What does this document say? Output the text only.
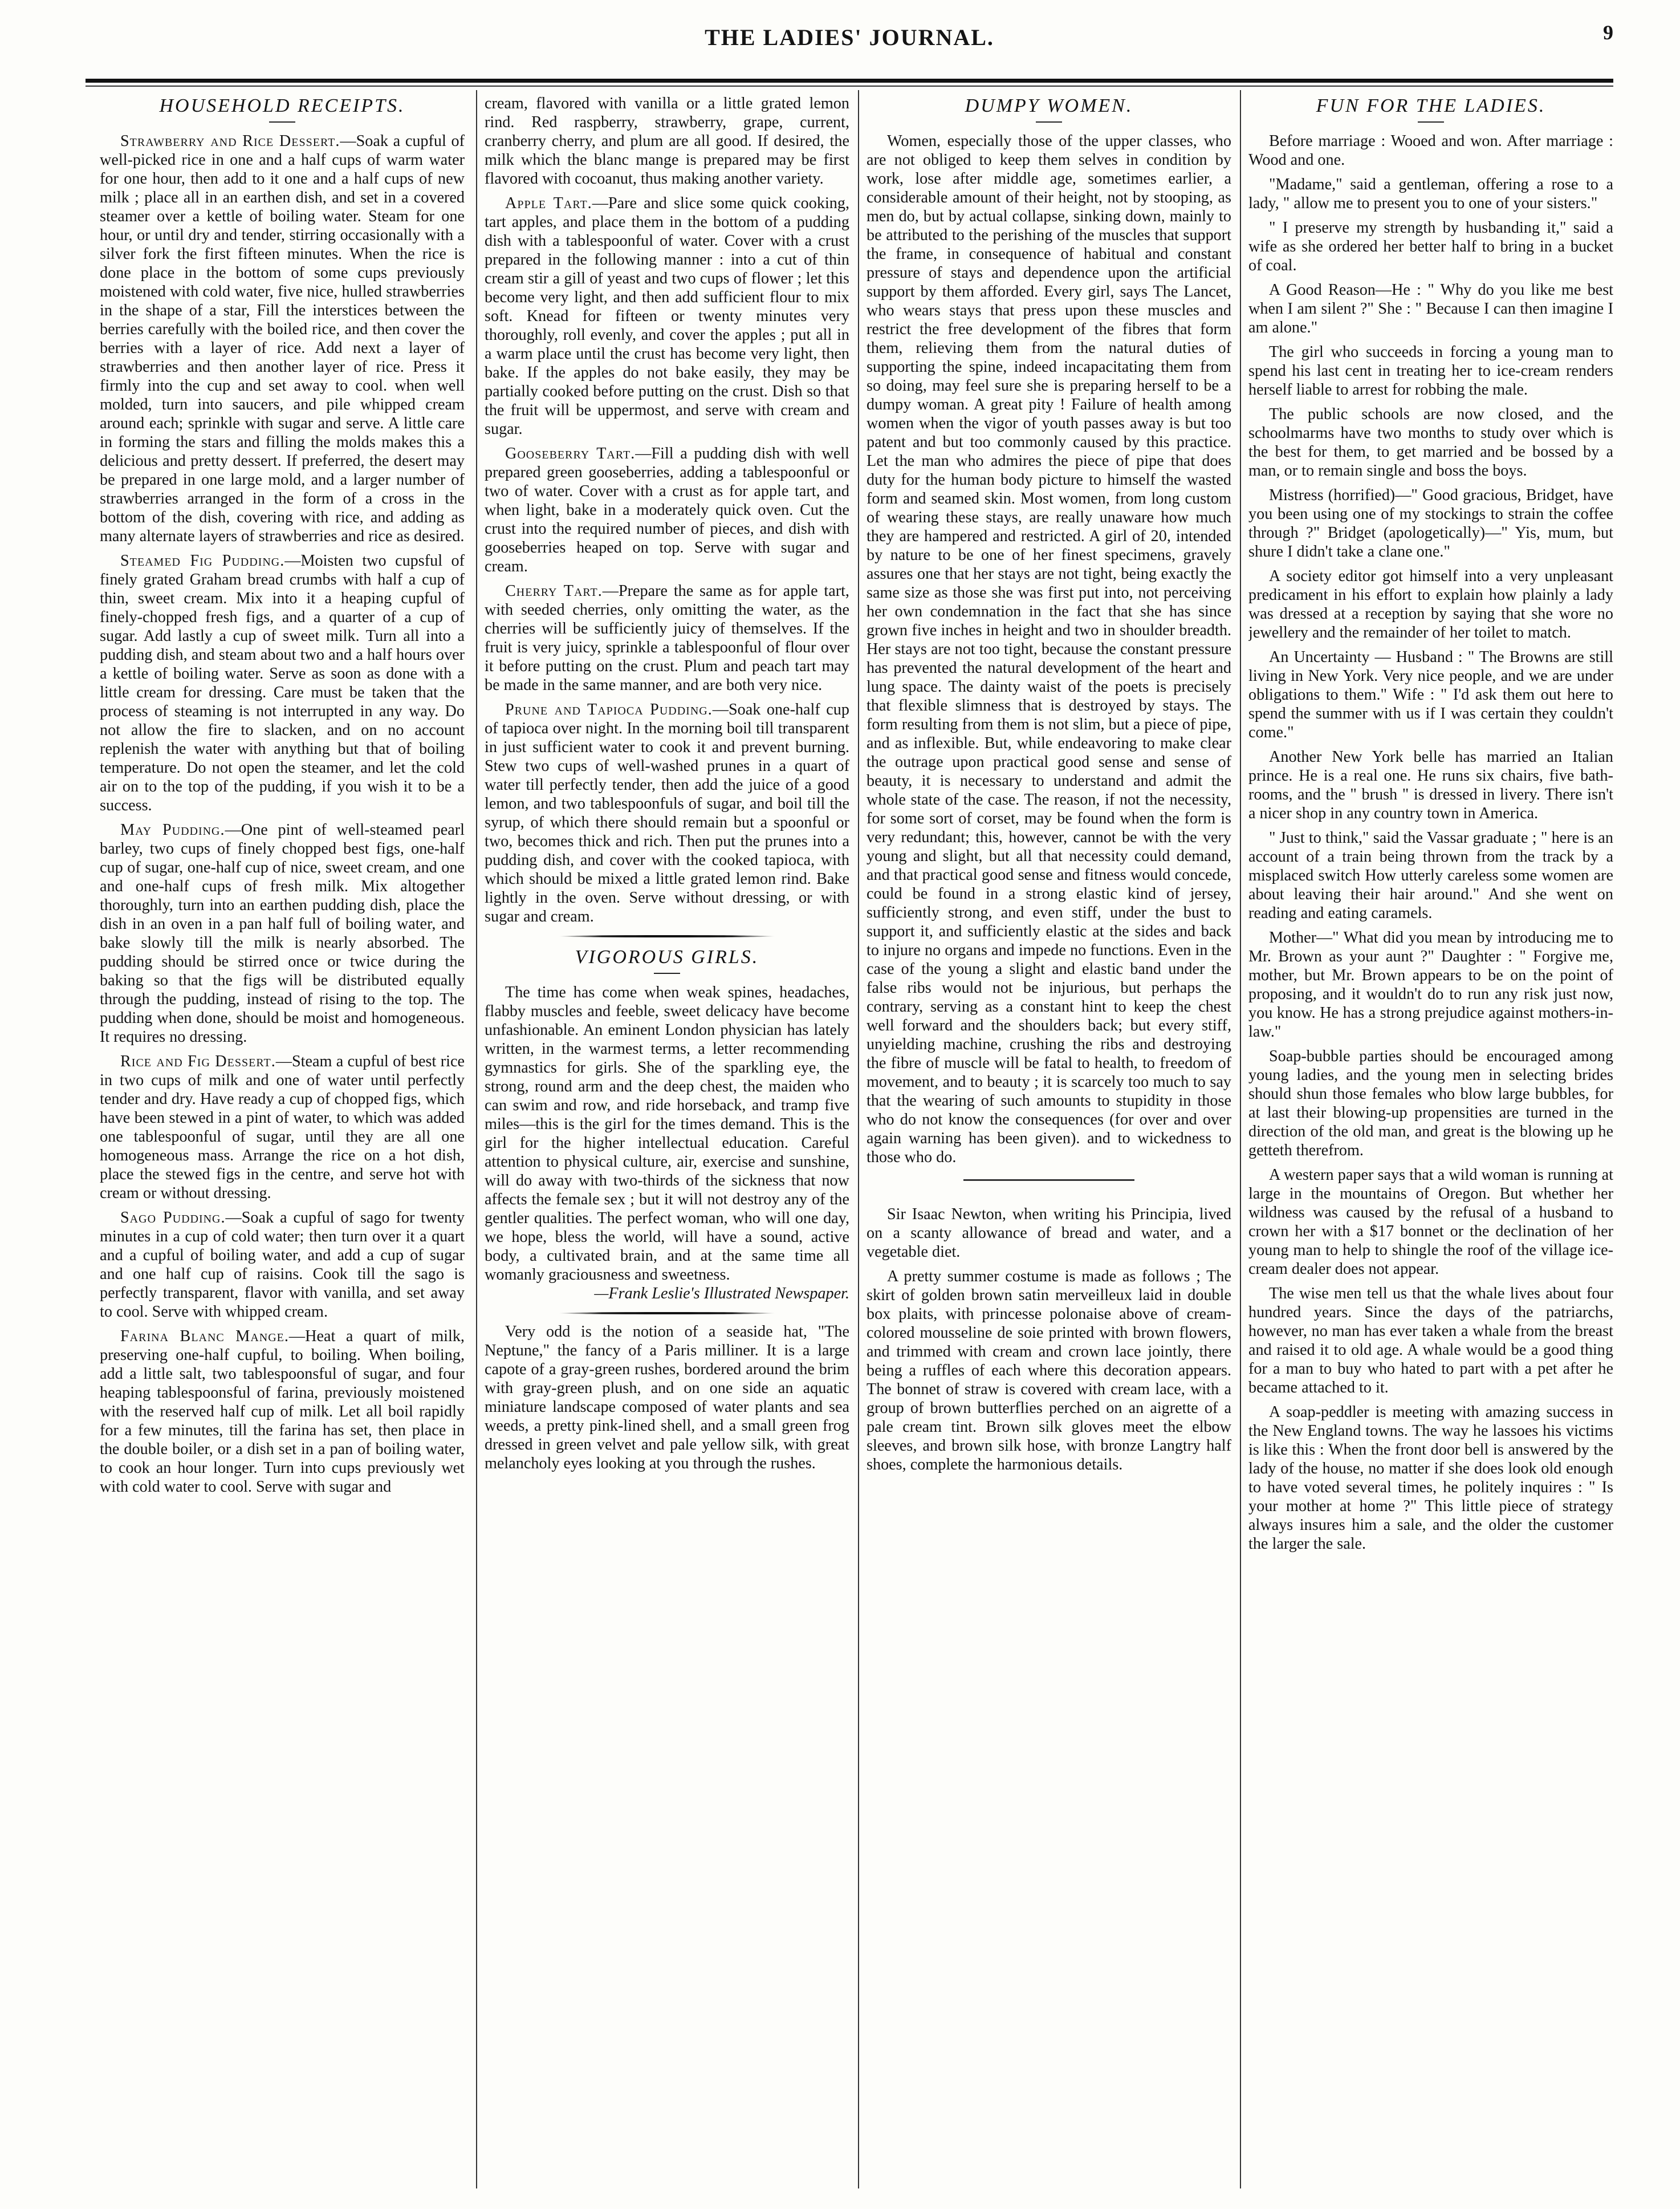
THE LADIES' JOURNAL.	9
HOUSEHOLD RECEIPTS.

Strawberry and Rice Dessert.—Soak a cupful of well-picked rice in one and a half cups of warm water for one hour, then add to it one and a half cups of new milk ; place all in an earthen dish, and set in a covered steamer over a kettle of boiling water. Steam for one hour, or until dry and tender, stirring occasionally with a silver fork the first fifteen minutes. When the rice is done place in the bottom of some cups previously moistened with cold water, five nice, hulled strawberries in the shape of a star, Fill the interstices between the berries carefully with the boiled rice, and then cover the berries with a layer of rice. Add next a layer of strawberries and then another layer of rice. Press it firmly into the cup and set away to cool. when well molded, turn into saucers, and pile whipped cream around each; sprinkle with sugar and serve. A little care in forming the stars and filling the molds makes this a delicious and pretty dessert. If preferred, the desert may be prepared in one large mold, and a larger number of strawberries arranged in the form of a cross in the bottom of the dish, covering with rice, and adding as many alternate layers of strawberries and rice as desired.

Steamed Fig Pudding.—Moisten two cupsful of finely grated Graham bread crumbs with half a cup of thin, sweet cream. Mix into it a heaping cupful of finely-chopped fresh figs, and a quarter of a cup of sugar. Add lastly a cup of sweet milk. Turn all into a pudding dish, and steam about two and a half hours over a kettle of boiling water. Serve as soon as done with a little cream for dressing. Care must be taken that the process of steaming is not interrupted in any way. Do not allow the fire to slacken, and on no account replenish the water with anything but that of boiling temperature. Do not open the steamer, and let the cold air on to the top of the pudding, if you wish it to be a success.

May Pudding.—One pint of well-steamed pearl barley, two cups of finely chopped best figs, one-half cup of sugar, one-half cup of nice, sweet cream, and one and one-half cups of fresh milk. Mix altogether thoroughly, turn into an earthen pudding dish, place the dish in an oven in a pan half full of boiling water, and bake slowly till the milk is nearly absorbed. The pudding should be stirred once or twice during the baking so that the figs will be distributed equally through the pudding, instead of rising to the top. The pudding when done, should be moist and homogeneous. It requires no dressing.

Rice and Fig Dessert.—Steam a cupful of best rice in two cups of milk and one of water until perfectly tender and dry. Have ready a cup of chopped figs, which have been stewed in a pint of water, to which was added one tablespoonful of sugar, until they are all one homogeneous mass. Arrange the rice on a hot dish, place the stewed figs in the centre, and serve hot with cream or without dressing.

Sago Pudding.—Soak a cupful of sago for twenty minutes in a cup of cold water; then turn over it a quart and a cupful of boiling water, and add a cup of sugar and one half cup of raisins. Cook till the sago is perfectly transparent, flavor with vanilla, and set away to cool. Serve with whipped cream.

Farina Blanc Mange.—Heat a quart of milk, preserving one-half cupful, to boiling. When boiling, add a little salt, two tablespoonsful of sugar, and four heaping tablespoonsful of farina, previously moistened with the reserved half cup of milk. Let all boil rapidly for a few minutes, till the farina has set, then place in the double boiler, or a dish set in a pan of boiling water, to cook an hour longer. Turn into cups previously wet with cold water to cool. Serve with sugar and

cream, flavored with vanilla or a little grated lemon rind. Red raspberry, strawberry, grape, current, cranberry cherry, and plum are all good. If desired, the milk which the blanc mange is prepared may be first flavored with cocoanut, thus making another variety.

Apple Tart.—Pare and slice some quick cooking, tart apples, and place them in the bottom of a pudding dish with a tablespoonful of water. Cover with a crust prepared in the following manner : into a cut of thin cream stir a gill of yeast and two cups of flower ; let this become very light, and then add sufficient flour to mix soft. Knead for fifteen or twenty minutes very thoroughly, roll evenly, and cover the apples ; put all in a warm place until the crust has become very light, then bake. If the apples do not bake easily, they may be partially cooked before putting on the crust. Dish so that the fruit will be uppermost, and serve with cream and sugar.

Gooseberry Tart.—Fill a pudding dish with well prepared green gooseberries, adding a tablespoonful or two of water. Cover with a crust as for apple tart, and when light, bake in a moderately quick oven. Cut the crust into the required number of pieces, and dish with gooseberries heaped on top. Serve with sugar and cream.

Cherry Tart.—Prepare the same as for apple tart, with seeded cherries, only omitting the water, as the cherries will be sufficiently juicy of themselves. If the fruit is very juicy, sprinkle a tablespoonful of flour over it before putting on the crust. Plum and peach tart may be made in the same manner, and are both very nice.

Prune and Tapioca Pudding.—Soak one-half cup of tapioca over night. In the morning boil till transparent in just sufficient water to cook it and prevent burning. Stew two cups of well-washed prunes in a quart of water till perfectly tender, then add the juice of a good lemon, and two tablespoonfuls of sugar, and boil till the syrup, of which there should remain but a spoonful or two, becomes thick and rich. Then put the prunes into a pudding dish, and cover with the cooked tapioca, with which should be mixed a little grated lemon rind. Bake lightly in the oven. Serve without dressing, or with sugar and cream.

VIGOROUS GIRLS.

The time has come when weak spines, headaches, flabby muscles and feeble, sweet delicacy have become unfashionable. An eminent London physician has lately written, in the warmest terms, a letter recommending gymnastics for girls. She of the sparkling eye, the strong, round arm and the deep chest, the maiden who can swim and row, and ride horseback, and tramp five miles—this is the girl for the times demand. This is the girl for the higher intellectual education. Careful attention to physical culture, air, exercise and sunshine, will do away with two-thirds of the sickness that now affects the female sex ; but it will not destroy any of the gentler qualities. The perfect woman, who will one day, we hope, bless the world, will have a sound, active body, a cultivated brain, and at the same time all womanly graciousness and sweetness.

—Frank Leslie's Illustrated Newspaper.

Very odd is the notion of a seaside hat, "The Neptune," the fancy of a Paris milliner. It is a large capote of a gray-green rushes, bordered around the brim with gray-green plush, and on one side an aquatic miniature landscape composed of water plants and sea weeds, a pretty pink-lined shell, and a small green frog dressed in green velvet and pale yellow silk, with great melancholy eyes looking at you through the rushes.

DUMPY WOMEN.

Women, especially those of the upper classes, who are not obliged to keep them selves in condition by work, lose after middle age, sometimes earlier, a considerable amount of their height, not by stooping, as men do, but by actual collapse, sinking down, mainly to be attributed to the perishing of the muscles that support the frame, in consequence of habitual and constant pressure of stays and dependence upon the artificial support by them afforded. Every girl, says The Lancet, who wears stays that press upon these muscles and restrict the free development of the fibres that form them, relieving them from the natural duties of supporting the spine, indeed incapacitating them from so doing, may feel sure she is preparing herself to be a dumpy woman. A great pity ! Failure of health among women when the vigor of youth passes away is but too patent and but too commonly caused by this practice. Let the man who admires the piece of pipe that does duty for the human body picture to himself the wasted form and seamed skin. Most women, from long custom of wearing these stays, are really unaware how much they are hampered and restricted. A girl of 20, intended by nature to be one of her finest specimens, gravely assures one that her stays are not tight, being exactly the same size as those she was first put into, not perceiving her own condemnation in the fact that she has since grown five inches in height and two in shoulder breadth. Her stays are not too tight, because the constant pressure has prevented the natural development of the heart and lung space. The dainty waist of the poets is precisely that flexible slimness that is destroyed by stays. The form resulting from them is not slim, but a piece of pipe, and as inflexible. But, while endeavoring to make clear the outrage upon practical good sense and sense of beauty, it is necessary to understand and admit the whole state of the case. The reason, if not the necessity, for some sort of corset, may be found when the form is very redundant; this, however, cannot be with the very young and slight, but all that necessity could demand, and that practical good sense and fitness would concede, could be found in a strong elastic kind of jersey, sufficiently strong, and even stiff, under the bust to support it, and sufficiently elastic at the sides and back to injure no organs and impede no functions. Even in the case of the young a slight and elastic band under the false ribs would not be injurious, but perhaps the contrary, serving as a constant hint to keep the chest well forward and the shoulders back; but every stiff, unyielding machine, crushing the ribs and destroying the fibre of muscle will be fatal to health, to freedom of movement, and to beauty ; it is scarcely too much to say that the wearing of such amounts to stupidity in those who do not know the consequences (for over and over again warning has been given). and to wickedness to those who do.

Sir Isaac Newton, when writing his Principia, lived on a scanty allowance of bread and water, and a vegetable diet.

A pretty summer costume is made as follows ; The skirt of golden brown satin merveilleux laid in double box plaits, with princesse polonaise above of cream-colored mousseline de soie printed with brown flowers, and trimmed with cream and crown lace jointly, there being a ruffles of each where this decoration appears. The bonnet of straw is covered with cream lace, with a group of brown butterflies perched on an aigrette of a pale cream tint. Brown silk gloves meet the elbow sleeves, and brown silk hose, with bronze Langtry half shoes, complete the harmonious details.

FUN FOR THE LADIES.

Before marriage : Wooed and won. After marriage : Wood and one.

"Madame," said a gentleman, offering a rose to a lady, " allow me to present you to one of your sisters."

" I preserve my strength by husbanding it," said a wife as she ordered her better half to bring in a bucket of coal.

A Good Reason—He : " Why do you like me best when I am silent ?" She : " Because I can then imagine I am alone."

The girl who succeeds in forcing a young man to spend his last cent in treating her to ice-cream renders herself liable to arrest for robbing the male.

The public schools are now closed, and the schoolmarms have two months to study over which is the best for them, to get married and be bossed by a man, or to remain single and boss the boys.

Mistress (horrified)—" Good gracious, Bridget, have you been using one of my stockings to strain the coffee through ?" Bridget (apologetically)—" Yis, mum, but shure I didn't take a clane one."

A society editor got himself into a very unpleasant predicament in his effort to explain how plainly a lady was dressed at a reception by saying that she wore no jewellery and the remainder of her toilet to match.

An Uncertainty — Husband : " The Browns are still living in New York. Very nice people, and we are under obligations to them." Wife : " I'd ask them out here to spend the summer with us if I was certain they couldn't come."

Another New York belle has married an Italian prince. He is a real one. He runs six chairs, five bath-rooms, and the " brush " is dressed in livery. There isn't a nicer shop in any country town in America.

" Just to think," said the Vassar graduate ; " here is an account of a train being thrown from the track by a misplaced switch How utterly careless some women are about leaving their hair around." And she went on reading and eating caramels.

Mother—" What did you mean by introducing me to Mr. Brown as your aunt ?" Daughter : " Forgive me, mother, but Mr. Brown appears to be on the point of proposing, and it wouldn't do to run any risk just now, you know. He has a strong prejudice against mothers-in-law."

Soap-bubble parties should be encouraged among young ladies, and the young men in selecting brides should shun those females who blow large bubbles, for at last their blowing-up propensities are turned in the direction of the old man, and great is the blowing up he getteth therefrom.

A western paper says that a wild woman is running at large in the mountains of Oregon. But whether her wildness was caused by the refusal of a husband to crown her with a $17 bonnet or the declination of her young man to help to shingle the roof of the village ice-cream dealer does not appear.

The wise men tell us that the whale lives about four hundred years. Since the days of the patriarchs, however, no man has ever taken a whale from the breast and raised it to old age. A whale would be a good thing for a man to buy who hated to part with a pet after he became attached to it.

A soap-peddler is meeting with amazing success in the New England towns. The way he lassoes his victims is like this : When the front door bell is answered by the lady of the house, no matter if she does look old enough to have voted several times, he politely inquires : " Is your mother at home ?" This little piece of strategy always insures him a sale, and the older the customer the larger the sale.
